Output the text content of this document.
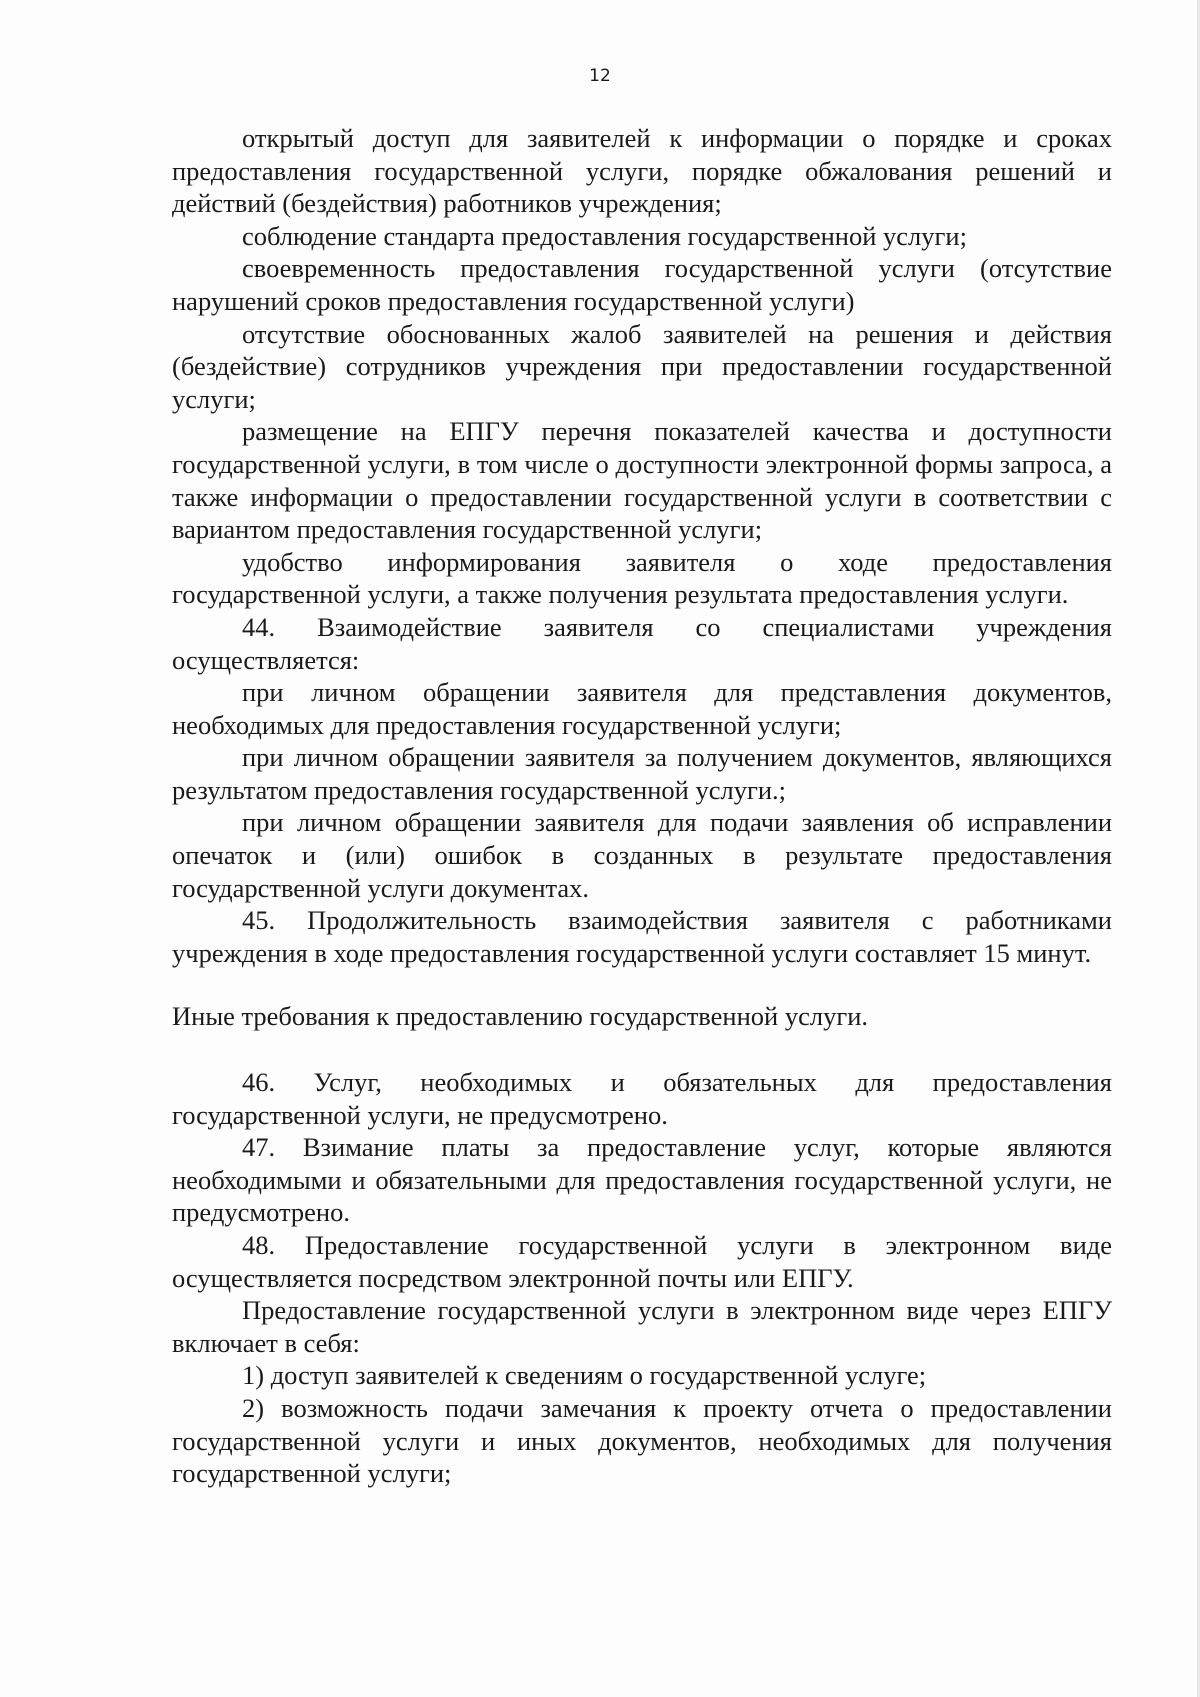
12

открытый доступ для заявителей к информации о порядке и сроках предоставления государственной услуги, порядке обжалования решений и действий (бездействия) работников учреждения;

соблюдение стандарта предоставления государственной услуги;

своевременность предоставления государственной услуги (отсутствие нарушений сроков предоставления государственной услуги)

отсутствие обоснованных жалоб заявителей на решения и действия (бездействие) сотрудников учреждения при предоставлении государственной услуги;

размещение на ЕПГУ перечня показателей качества и доступности государственной услуги, в том числе о доступности электронной формы запроса, а также информации о предоставлении государственной услуги в соответствии с вариантом предоставления государственной услуги;

удобство информирования заявителя о ходе предоставления государственной услуги, а также получения результата предоставления услуги.

44. Взаимодействие заявителя со специалистами учреждения осуществляется:

при личном обращении заявителя для представления документов, необходимых для предоставления государственной услуги;

при личном обращении заявителя за получением документов, являющихся результатом предоставления государственной услуги.;

при личном обращении заявителя для подачи заявления об исправлении опечаток и (или) ошибок в созданных в результате предоставления государственной услуги документах.

45. Продолжительность взаимодействия заявителя с работниками учреждения в ходе предоставления государственной услуги составляет 15 минут.

Иные требования к предоставлению государственной услуги.

46. Услуг, необходимых и обязательных для предоставления государственной услуги, не предусмотрено.

47. Взимание платы за предоставление услуг, которые являются необходимыми и обязательными для предоставления государственной услуги, не предусмотрено.

48. Предоставление государственной услуги в электронном виде осуществляется посредством электронной почты или ЕПГУ.

Предоставление государственной услуги в электронном виде через ЕПГУ включает в себя:

1) доступ заявителей к сведениям о государственной услуге;

2) возможность подачи замечания к проекту отчета о предоставлении государственной услуги и иных документов, необходимых для получения государственной услуги;
